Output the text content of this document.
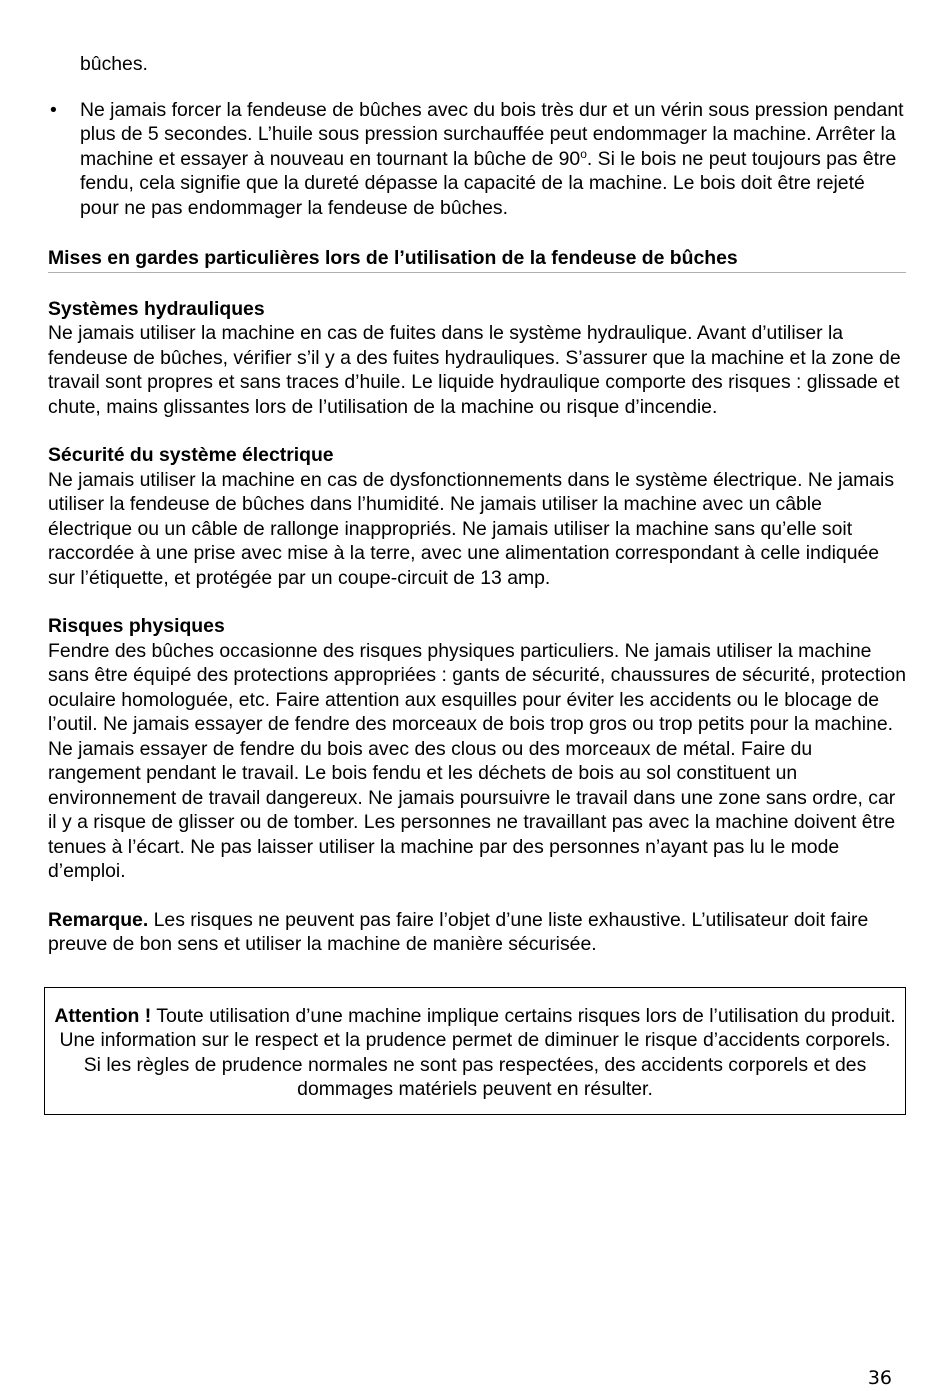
bûches.

• Ne jamais forcer la fendeuse de bûches avec du bois très dur et un vérin sous pression pendant plus de 5 secondes. L’huile sous pression surchauffée peut endommager la machine. Arrêter la machine et essayer à nouveau en tournant la bûche de 90$^o$. Si le bois ne peut toujours pas être fendu, cela signifie que la dureté dépasse la capacité de la machine. Le bois doit être rejeté pour ne pas endommager la fendeuse de bûches.

Mises en gardes particulières lors de l’utilisation de la fendeuse de bûches
Systèmes hydrauliques

Ne jamais utiliser la machine en cas de fuites dans le système hydraulique. Avant d’utiliser la fendeuse de bûches, vérifier s’il y a des fuites hydrauliques. S’assurer que la machine et la zone de travail sont propres et sans traces d’huile. Le liquide hydraulique comporte des risques : glissade et chute, mains glissantes lors de l’utilisation de la machine ou risque d’incendie.

Sécurité du système électrique

Ne jamais utiliser la machine en cas de dysfonctionnements dans le système électrique. Ne jamais utiliser la fendeuse de bûches dans l’humidité. Ne jamais utiliser la machine avec un câble électrique ou un câble de rallonge inappropriés. Ne jamais utiliser la machine sans qu’elle soit raccordée à une prise avec mise à la terre, avec une alimentation correspondant à celle indiquée sur l’étiquette, et protégée par un coupe-circuit de 13 amp.

Risques physiques

Fendre des bûches occasionne des risques physiques particuliers. Ne jamais utiliser la machine sans être équipé des protections appropriées : gants de sécurité, chaussures de sécurité, protection oculaire homologuée, etc. Faire attention aux esquilles pour éviter les accidents ou le blocage de l’outil. Ne jamais essayer de fendre des morceaux de bois trop gros ou trop petits pour la machine. Ne jamais essayer de fendre du bois avec des clous ou des morceaux de métal. Faire du rangement pendant le travail. Le bois fendu et les déchets de bois au sol constituent un environnement de travail dangereux. Ne jamais poursuivre le travail dans une zone sans ordre, car il y a risque de glisser ou de tomber. Les personnes ne travaillant pas avec la machine doivent être tenues à l’écart. Ne pas laisser utiliser la machine par des personnes n’ayant pas lu le mode d’emploi.

Remarque. Les risques ne peuvent pas faire l’objet d’une liste exhaustive. L’utilisateur doit faire preuve de bon sens et utiliser la machine de manière sécurisée.

Attention ! Toute utilisation d’une machine implique certains risques lors de l’utilisation du produit. Une information sur le respect et la prudence permet de diminuer le risque d’accidents corporels. Si les règles de prudence normales ne sont pas respectées, des accidents corporels et des dommages matériels peuvent en résulter.
36
